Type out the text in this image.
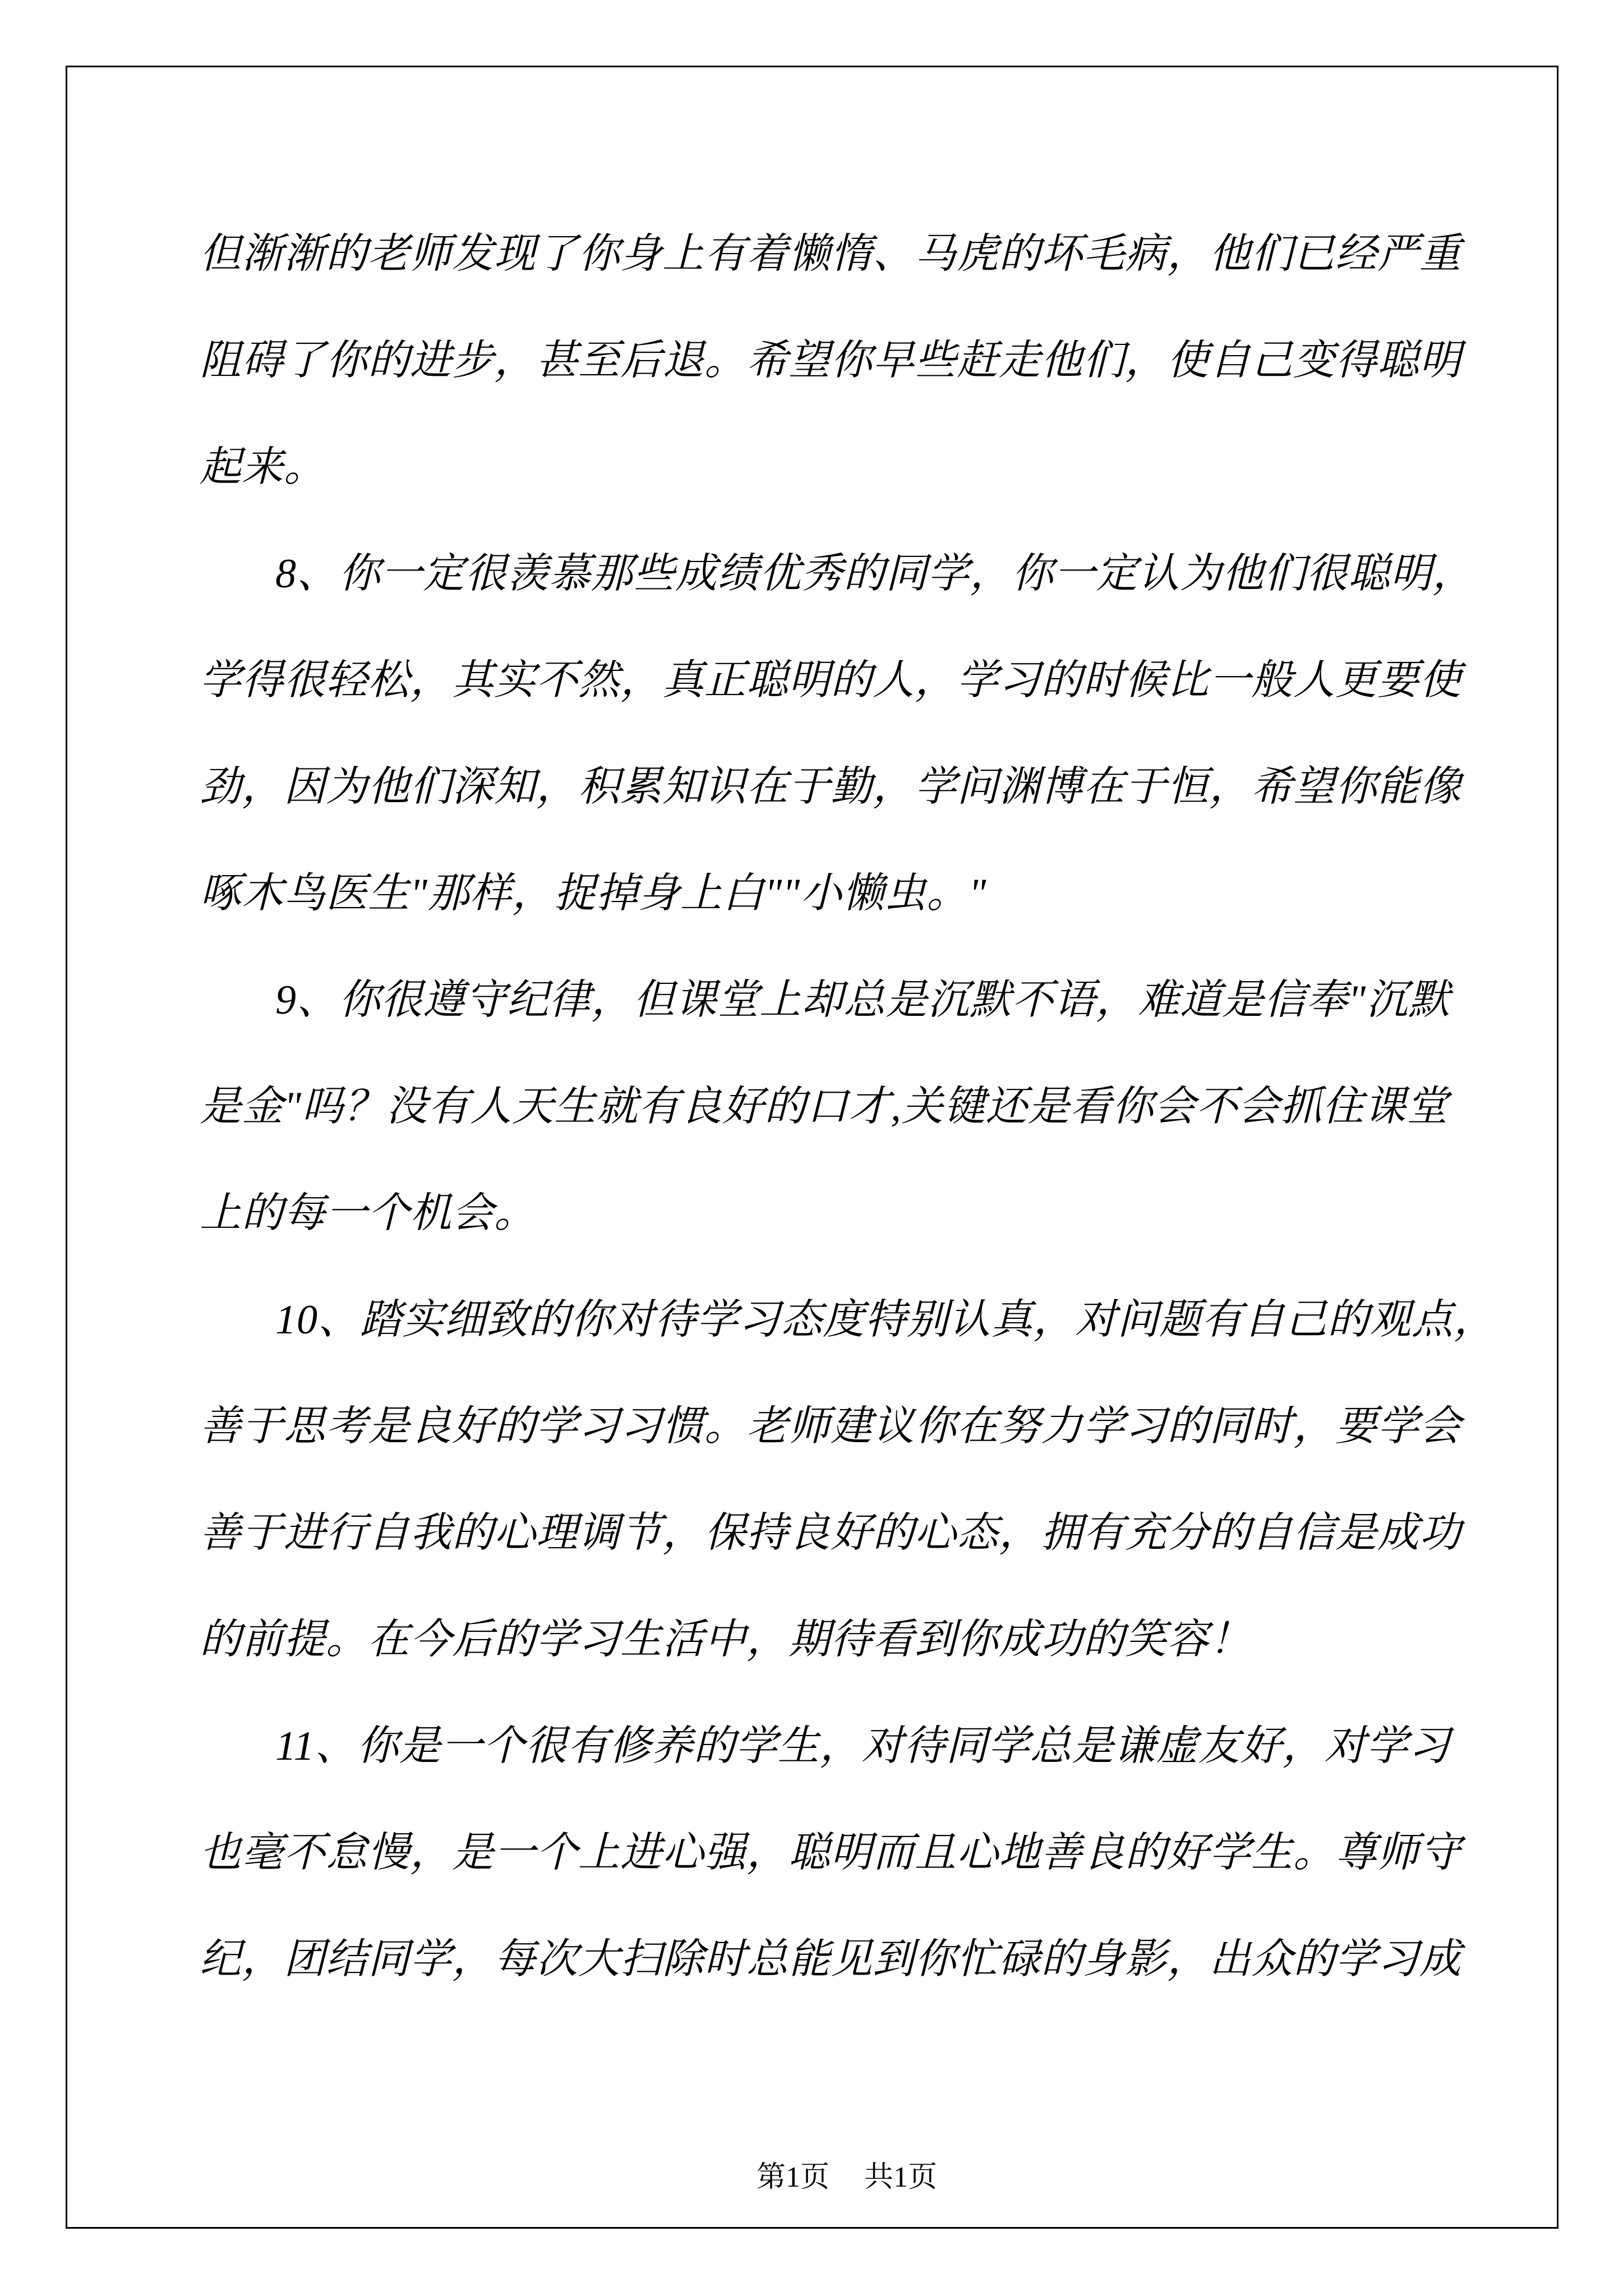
但渐渐的老师发现了你身上有着懒惰、马虎的坏毛病，他们已经严重
阻碍了你的进步，甚至后退。希望你早些赶走他们，使自己变得聪明
起来。
8、你一定很羡慕那些成绩优秀的同学，你一定认为他们很聪明，
学得很轻松，其实不然，真正聪明的人，学习的时候比一般人更要使
劲，因为他们深知，积累知识在于勤，学问渊博在于恒，希望你能像
啄木鸟医生"那样，捉掉身上白""小懒虫。"
9、你很遵守纪律，但课堂上却总是沉默不语，难道是信奉"沉默
是金"吗？没有人天生就有良好的口才,关键还是看你会不会抓住课堂
上的每一个机会。
10、踏实细致的你对待学习态度特别认真，对问题有自己的观点，
善于思考是良好的学习习惯。老师建议你在努力学习的同时，要学会
善于进行自我的心理调节，保持良好的心态，拥有充分的自信是成功
的前提。在今后的学习生活中，期待看到你成功的笑容！
11、你是一个很有修养的学生，对待同学总是谦虚友好，对学习
也毫不怠慢，是一个上进心强，聪明而且心地善良的好学生。尊师守
纪，团结同学，每次大扫除时总能见到你忙碌的身影，出众的学习成

第1页  共1页
